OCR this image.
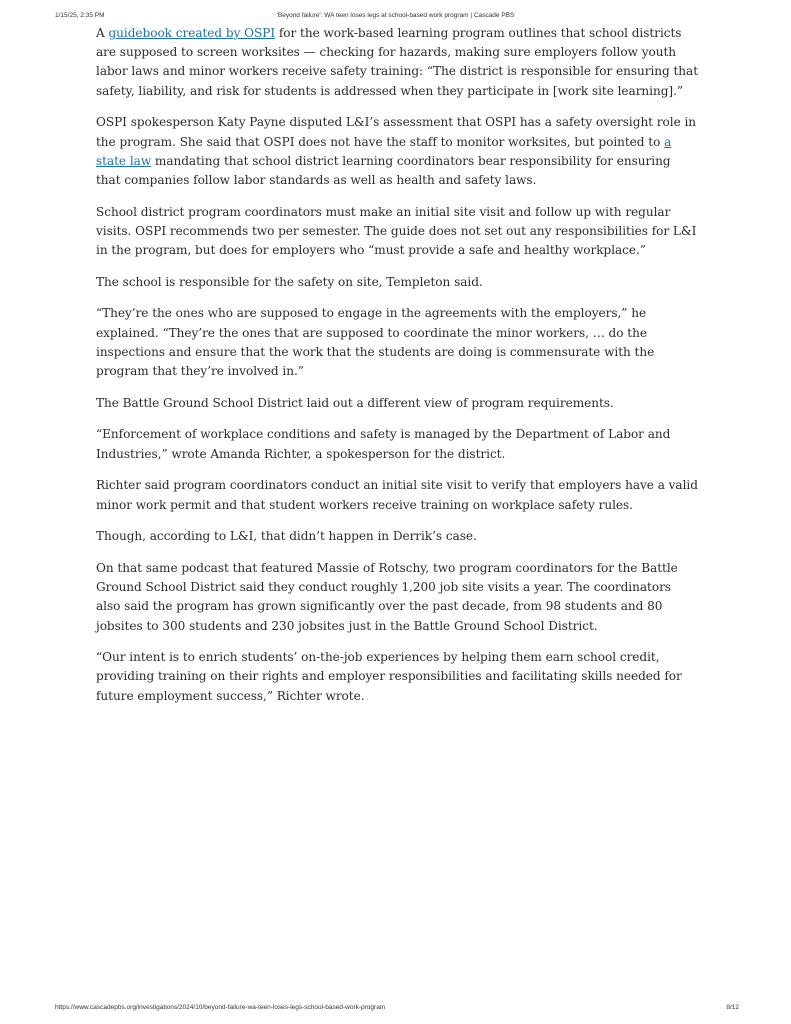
1/15/25, 2:35 PM	'Beyond failure': WA teen loses legs at school-based work program | Cascade PBS

A guidebook created by OSPI for the work-based learning program outlines that school districts are supposed to screen worksites — checking for hazards, making sure employers follow youth labor laws and minor workers receive safety training: “The district is responsible for ensuring that safety, liability, and risk for students is addressed when they participate in [work site learning].”

OSPI spokesperson Katy Payne disputed L&I’s assessment that OSPI has a safety oversight role in the program. She said that OSPI does not have the staff to monitor worksites, but pointed to a state law mandating that school district learning coordinators bear responsibility for ensuring that companies follow labor standards as well as health and safety laws.

School district program coordinators must make an initial site visit and follow up with regular visits. OSPI recommends two per semester. The guide does not set out any responsibilities for L&I in the program, but does for employers who “must provide a safe and healthy workplace.”

The school is responsible for the safety on site, Templeton said.

“They’re the ones who are supposed to engage in the agreements with the employers,” he explained. “They’re the ones that are supposed to coordinate the minor workers, … do the inspections and ensure that the work that the students are doing is commensurate with the program that they’re involved in.”

The Battle Ground School District laid out a different view of program requirements.

“Enforcement of workplace conditions and safety is managed by the Department of Labor and Industries,” wrote Amanda Richter, a spokesperson for the district.

Richter said program coordinators conduct an initial site visit to verify that employers have a valid minor work permit and that student workers receive training on workplace safety rules.

Though, according to L&I, that didn’t happen in Derrik’s case.

On that same podcast that featured Massie of Rotschy, two program coordinators for the Battle Ground School District said they conduct roughly 1,200 job site visits a year. The coordinators also said the program has grown significantly over the past decade, from 98 students and 80 jobsites to 300 students and 230 jobsites just in the Battle Ground School District.

“Our intent is to enrich students’ on-the-job experiences by helping them earn school credit, providing training on their rights and employer responsibilities and facilitating skills needed for future employment success,” Richter wrote.

https://www.cascadepbs.org/investigations/2024/10/beyond-failure-wa-teen-loses-legs-school-based-work-program	8/12
